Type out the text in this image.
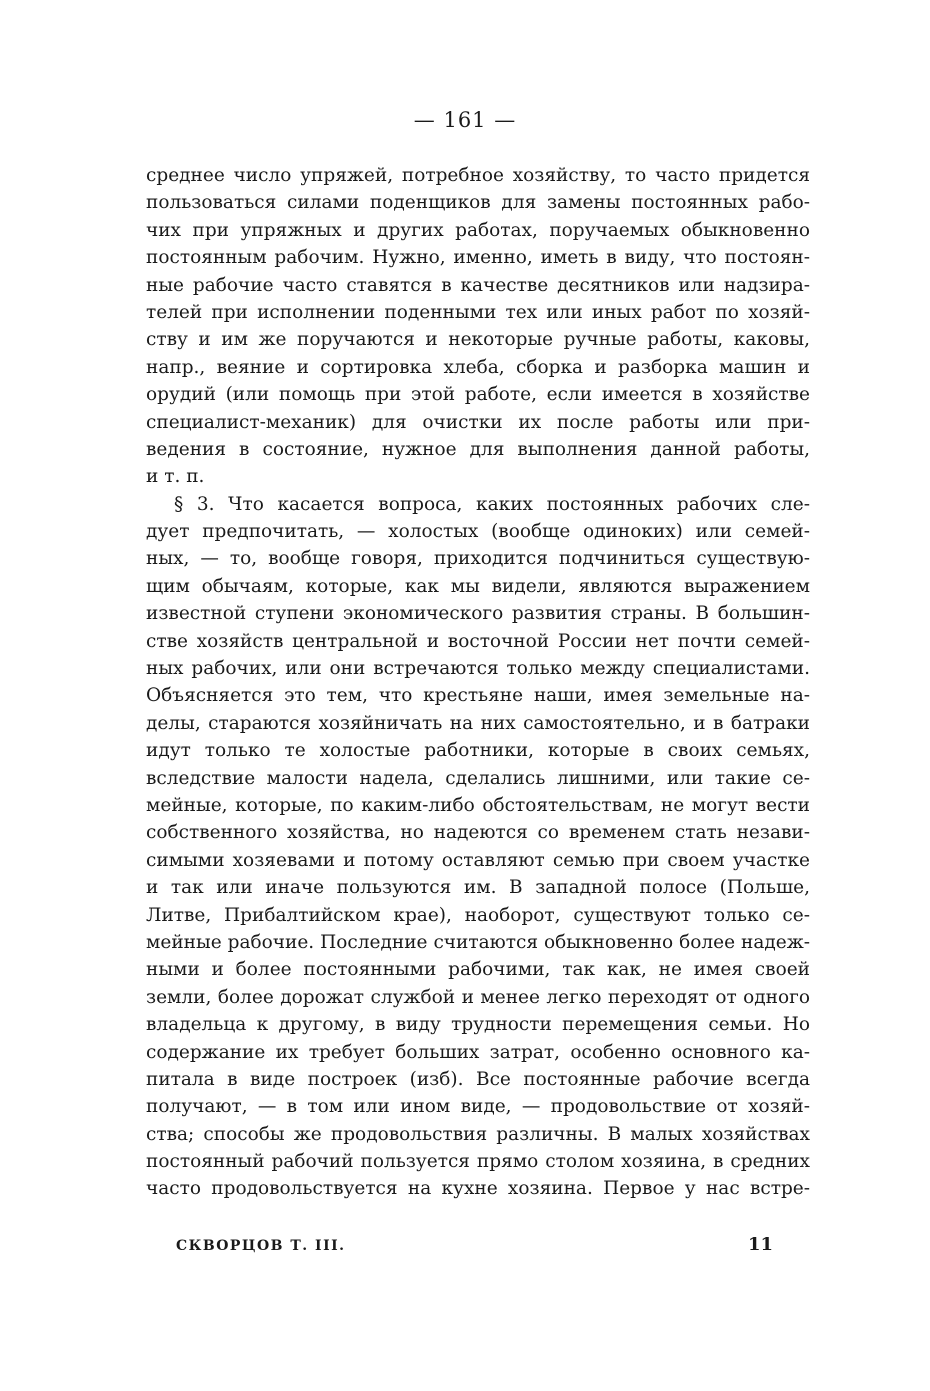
— 161 —
среднее число упряжей, потребное хозяйству, то часто придется
пользоваться силами поденщиков для замены постоянных рабо-
чих при упряжных и других работах, поручаемых обыкновенно
постоянным рабочим. Нужно, именно, иметь в виду, что постоян-
ные рабочие часто ставятся в качестве десятников или надзира-
телей при исполнении поденными тех или иных работ по хозяй-
ству и им же поручаются и некоторые ручные работы, каковы,
напр., веяние и сортировка хлеба, сборка и разборка машин и
орудий (или помощь при этой работе, если имеется в хозяйстве
специалист-механик) для очистки их после работы или при-
ведения в состояние, нужное для выполнения данной работы,
и т. п.
§ 3. Что касается вопроса, каких постоянных рабочих сле-
дует предпочитать, — холостых (вообще одиноких) или семей-
ных, — то, вообще говоря, приходится подчиниться существую-
щим обычаям, которые, как мы видели, являются выражением
известной ступени экономического развития страны. В большин-
стве хозяйств центральной и восточной России нет почти семей-
ных рабочих, или они встречаются только между специалистами.
Объясняется это тем, что крестьяне наши, имея земельные на-
делы, стараются хозяйничать на них самостоятельно, и в батраки
идут только те холостые работники, которые в своих семьях,
вследствие малости надела, сделались лишними, или такие се-
мейные, которые, по каким-либо обстоятельствам, не могут вести
собственного хозяйства, но надеются со временем стать незави-
симыми хозяевами и потому оставляют семью при своем участке
и так или иначе пользуются им. В западной полосе (Польше,
Литве, Прибалтийском крае), наоборот, существуют только се-
мейные рабочие. Последние считаются обыкновенно более надеж-
ными и более постоянными рабочими, так как, не имея своей
земли, более дорожат службой и менее легко переходят от одного
владельца к другому, в виду трудности перемещения семьи. Но
содержание их требует больших затрат, особенно основного ка-
питала в виде построек (изб). Все постоянные рабочие всегда
получают, — в том или ином виде, — продовольствие от хозяй-
ства; способы же продовольствия различны. В малых хозяйствах
постоянный рабочий пользуется прямо столом хозяина, в средних
часто продовольствуется на кухне хозяина. Первое у нас встре-
СКВОРЦОВ Т. III.	11
